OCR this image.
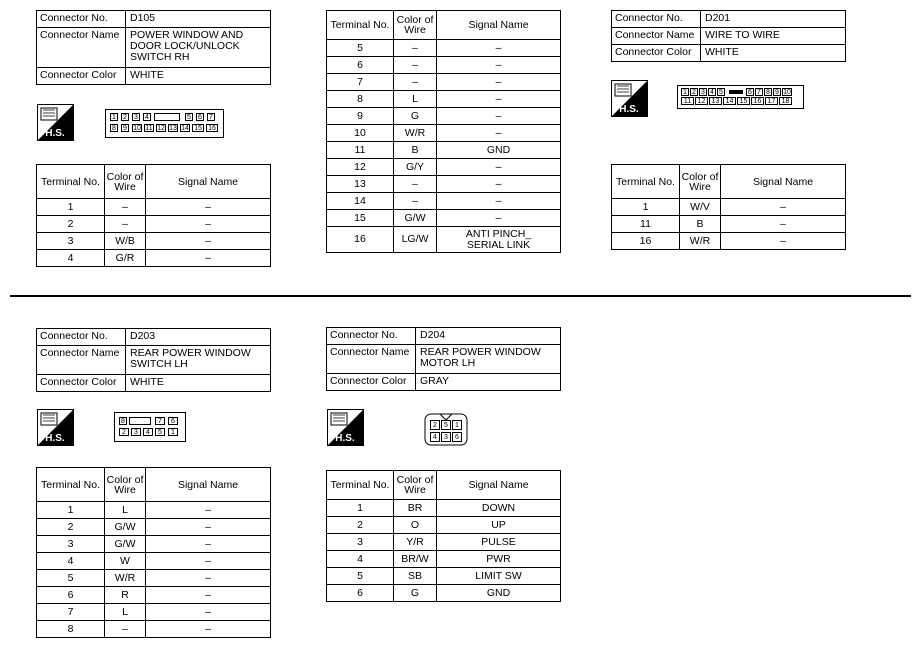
Connector No.	D105
Connector Name	POWER WINDOW AND DOOR LOCK/UNLOCK SWITCH RH
Connector Color	WHITE
H.S.
1 2 3 4	5 6 7
8 9 10 11 12 13 14 15 16
Terminal No.	Color of Wire	Signal Name
1	–	–
2	–	–
3	W/B	–
4	G/R	–
Terminal No.	Color of Wire	Signal Name
5	–	–
6	–	–
7	–	–
8	L	–
9	G	–
10	W/R	–
11	B	GND
12	G/Y	–
13	–	–
14	–	–
15	G/W	–
16	LG/W	ANTI PINCH_ SERIAL LINK
Connector No.	D201
Connector Name	WIRE TO WIRE
Connector Color	WHITE
H.S.
1 2 3 4 5	6 7 8 9 10
11 12 13 14 15 16 17 18
Terminal No.	Color of Wire	Signal Name
1	W/V	–
11	B	–
16	W/R	–
Connector No.	D203
Connector Name	REAR POWER WINDOW SWITCH LH
Connector Color	WHITE
H.S.
8	7	6
2	3	4	5	1
Terminal No.	Color of Wire	Signal Name
1	L	–
2	G/W	–
3	G/W	–
4	W	–
5	W/R	–
6	R	–
7	L	–
8	–	–
Connector No.	D204
Connector Name	REAR POWER WINDOW MOTOR LH
Connector Color	GRAY
H.S.
2	5	1
4	3	6
Terminal No.	Color of Wire	Signal Name
1	BR	DOWN
2	O	UP
3	Y/R	PULSE
4	BR/W	PWR
5	SB	LIMIT SW
6	G	GND
